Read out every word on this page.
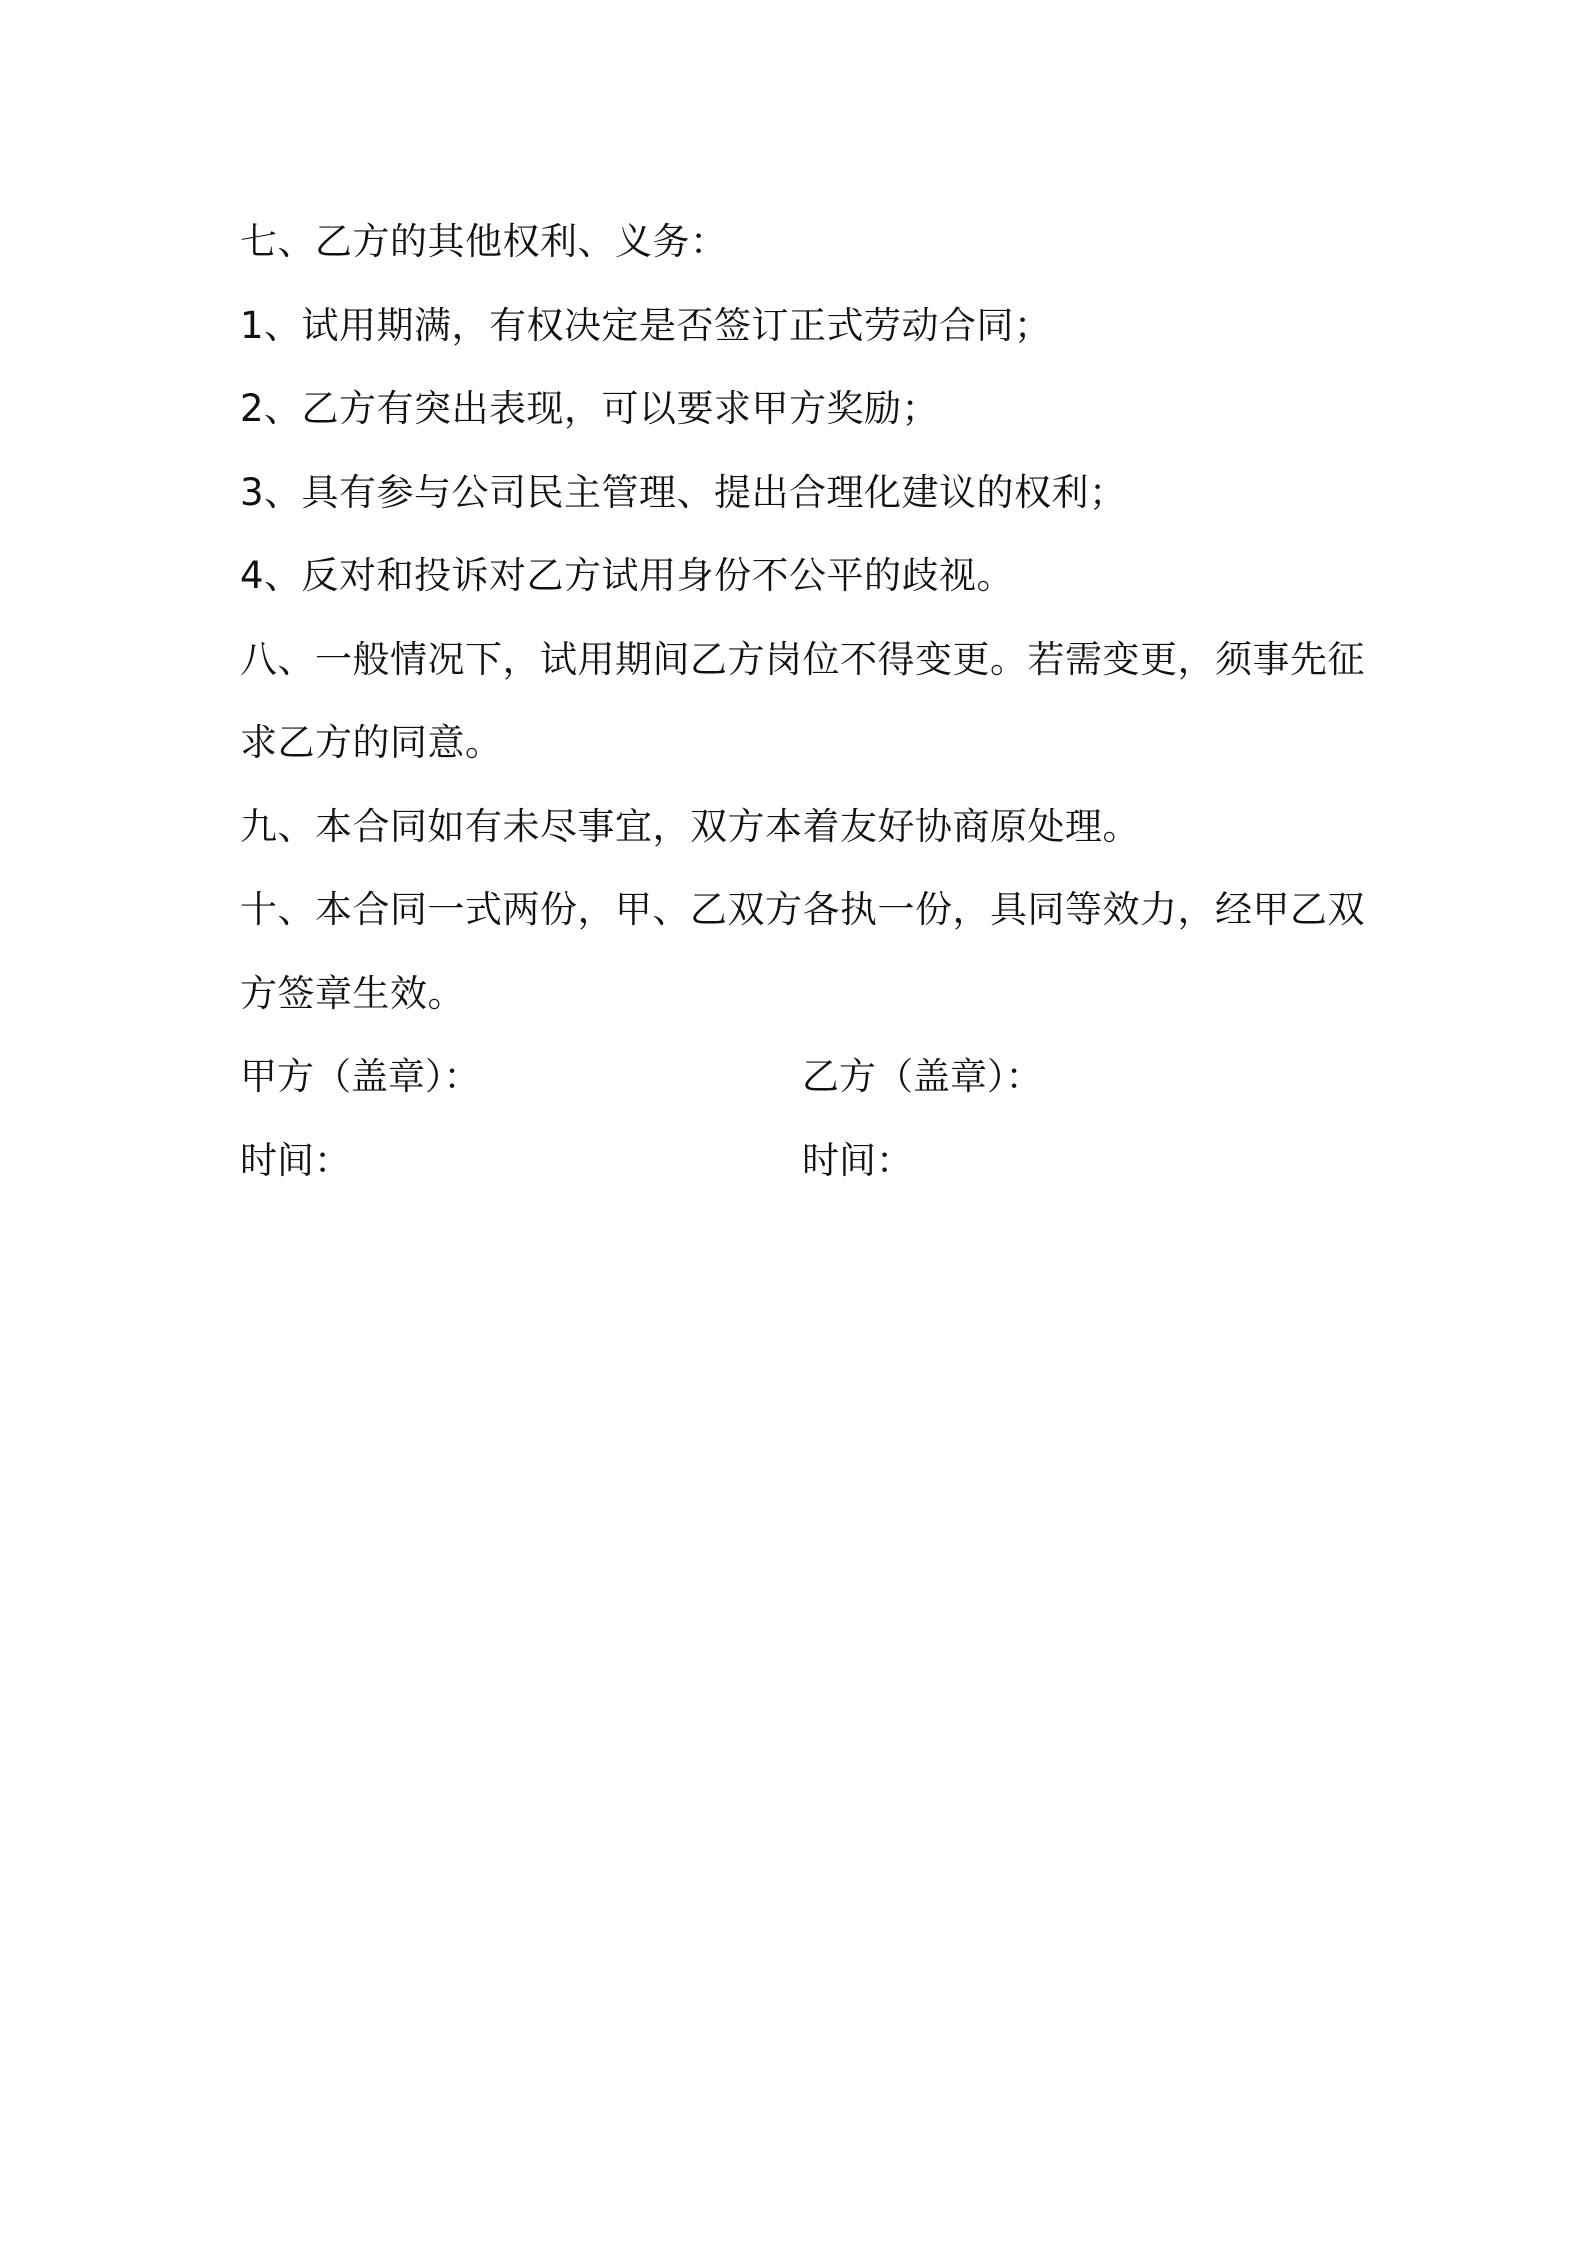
七、乙方的其他权利、义务：
1、试用期满，有权决定是否签订正式劳动合同；
2、乙方有突出表现，可以要求甲方奖励；
3、具有参与公司民主管理、提出合理化建议的权利；
4、反对和投诉对乙方试用身份不公平的歧视。
八、一般情况下，试用期间乙方岗位不得变更。若需变更，须事先征
求乙方的同意。
九、本合同如有未尽事宜，双方本着友好协商原处理。
十、本合同一式两份，甲、乙双方各执一份，具同等效力，经甲乙双
方签章生效。
甲方（盖章）：	乙方（盖章）：
时间：	时间：
